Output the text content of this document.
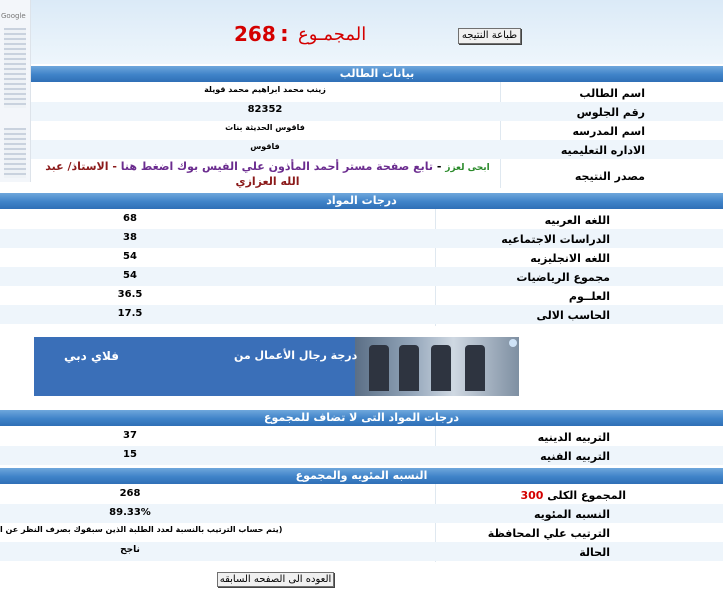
Google
المجمـوع
:
268	طباعة النتيجه
بيانات الطالب
اسم الطالب
زينب محمد ابراهيم محمد قويلة
رقم الجلوس
82352
اسم المدرسه
فاقوس الحديثة بنات
الاداره التعليميه
فاقوس
مصدر النتيجه
ابحى لعزز - تابع صفحة مستر أحمد المأذون علي الفيس بوك اضغط هنا - الاستاذ/ عبد الله العزازي
درجات المواد
اللغه العربيه
68
الدراسات الاجتماعيه
38
اللغه الانجليزيه
54
مجموع الرياضيات
54
العلــوم
36.5
الحاسب الالى
17.5
درجة رجال الأعمال من
فلاي دبي
درجات المواد التى لا تضاف للمجموع
التربيه الدينيه
37
التربيه الفنيه
15
النسبه المئويه والمجموع
المجموع الكلى 300
268
النسبه المئويه
89.33%
الترتيب علي المحافظة
(يتم حساب الترتيب بالنسبة لعدد الطلبة الذين سبقوك بصرف النظر عن ا
الحالة
ناجح
العوده الى الصفحه السابقه
